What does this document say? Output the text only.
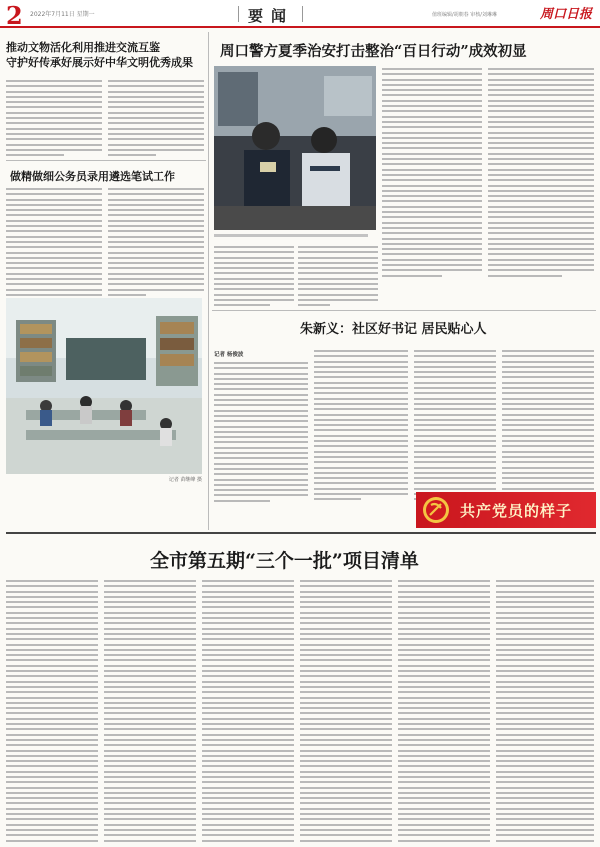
2 2022年7月11日 星期一	要闻	值班编辑/胡朝春 审核/刘琳琳	周口日报
推动文物活化利用推进交流互鉴
守护好传承好展示好中华文明优秀成果
做精做细公务员录用遴选笔试工作
记者 苗继峰 摄
周口警方夏季治安打击整治“百日行动”成效初显
朱新义：社区好书记 居民贴心人
记者 杨俊波
共产党员的样子
全市第五期“三个一批”项目清单
